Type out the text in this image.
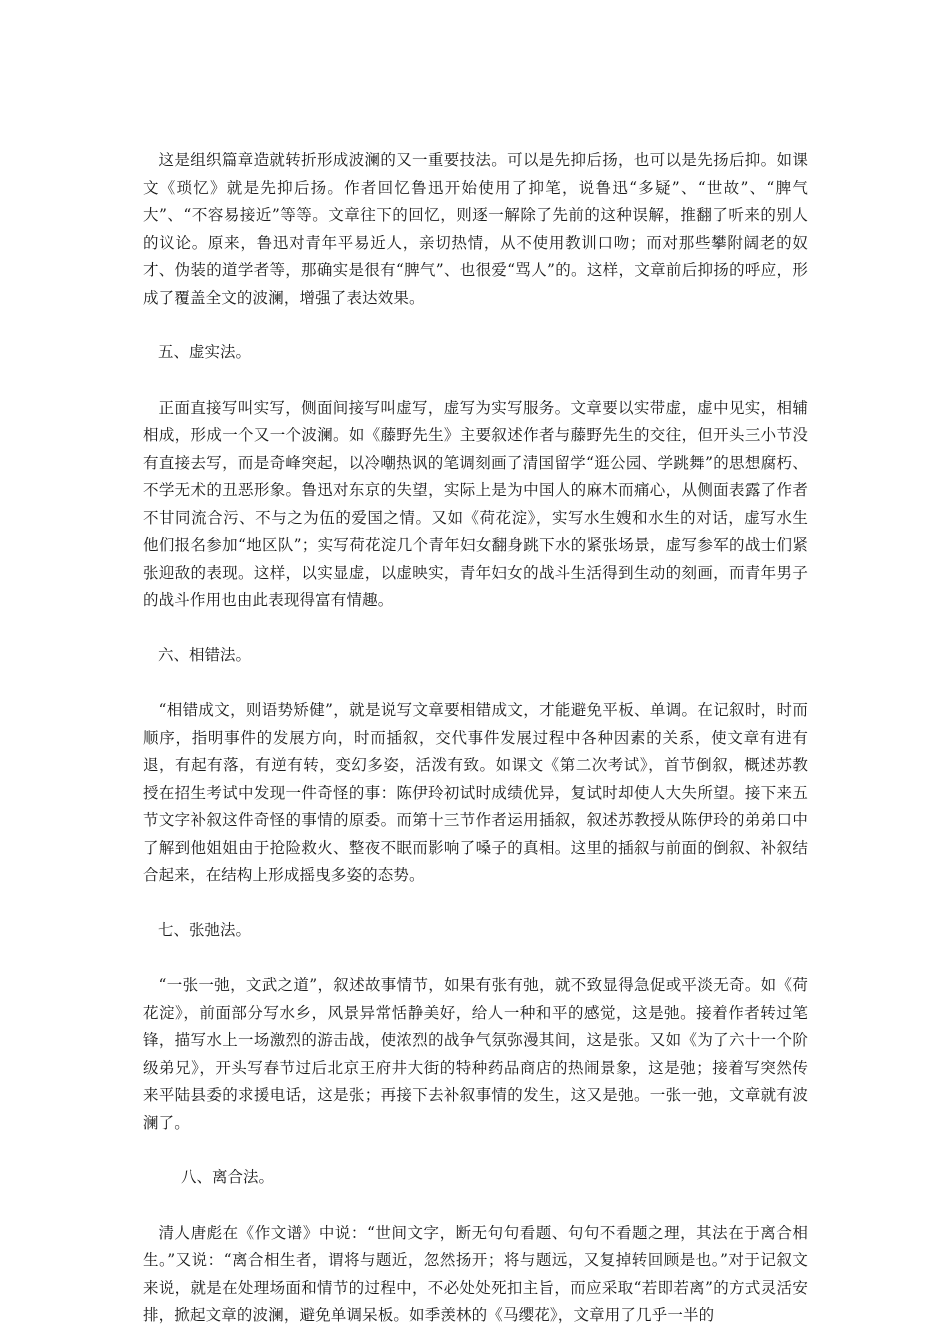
这是组织篇章造就转折形成波澜的又一重要技法。可以是先抑后扬，也可以是先扬后抑。如课文《琐忆》就是先抑后扬。作者回忆鲁迅开始使用了抑笔，说鲁迅“多疑”、“世故”、“脾气大”、“不容易接近”等等。文章往下的回忆，则逐一解除了先前的这种误解，推翻了听来的别人的议论。原来，鲁迅对青年平易近人，亲切热情，从不使用教训口吻；而对那些攀附阔老的奴才、伪装的道学者等，那确实是很有“脾气”、也很爱“骂人”的。这样，文章前后抑扬的呼应，形成了覆盖全文的波澜，增强了表达效果。

五、虚实法。

正面直接写叫实写，侧面间接写叫虚写，虚写为实写服务。文章要以实带虚，虚中见实，相辅相成，形成一个又一个波澜。如《藤野先生》主要叙述作者与藤野先生的交往，但开头三小节没有直接去写，而是奇峰突起，以冷嘲热讽的笔调刻画了清国留学“逛公园、学跳舞”的思想腐朽、不学无术的丑恶形象。鲁迅对东京的失望，实际上是为中国人的麻木而痛心，从侧面表露了作者不甘同流合污、不与之为伍的爱国之情。又如《荷花淀》，实写水生嫂和水生的对话，虚写水生他们报名参加“地区队”；实写荷花淀几个青年妇女翻身跳下水的紧张场景，虚写参军的战士们紧张迎敌的表现。这样，以实显虚，以虚映实，青年妇女的战斗生活得到生动的刻画，而青年男子的战斗作用也由此表现得富有情趣。

六、相错法。

“相错成文，则语势矫健”，就是说写文章要相错成文，才能避免平板、单调。在记叙时，时而顺序，指明事件的发展方向，时而插叙，交代事件发展过程中各种因素的关系，使文章有进有退，有起有落，有逆有转，变幻多姿，活泼有致。如课文《第二次考试》，首节倒叙，概述苏教授在招生考试中发现一件奇怪的事：陈伊玲初试时成绩优异，复试时却使人大失所望。接下来五节文字补叙这件奇怪的事情的原委。而第十三节作者运用插叙，叙述苏教授从陈伊玲的弟弟口中了解到他姐姐由于抢险救火、整夜不眠而影响了嗓子的真相。这里的插叙与前面的倒叙、补叙结合起来，在结构上形成摇曳多姿的态势。

七、张弛法。

“一张一弛，文武之道”，叙述故事情节，如果有张有弛，就不致显得急促或平淡无奇。如《荷花淀》，前面部分写水乡，风景异常恬静美好，给人一种和平的感觉，这是弛。接着作者转过笔锋，描写水上一场激烈的游击战，使浓烈的战争气氛弥漫其间，这是张。又如《为了六十一个阶级弟兄》，开头写春节过后北京王府井大街的特种药品商店的热闹景象，这是弛；接着写突然传来平陆县委的求援电话，这是张；再接下去补叙事情的发生，这又是弛。一张一弛，文章就有波澜了。

八、离合法。

清人唐彪在《作文谱》中说：“世间文字，断无句句看题、句句不看题之理，其法在于离合相生。”又说：“离合相生者，谓将与题近，忽然扬开；将与题远，又复掉转回顾是也。”对于记叙文来说，就是在处理场面和情节的过程中，不必处处死扣主旨，而应采取“若即若离”的方式灵活安排，掀起文章的波澜，避免单调呆板。如季羡林的《马缨花》，文章用了几乎一半的
